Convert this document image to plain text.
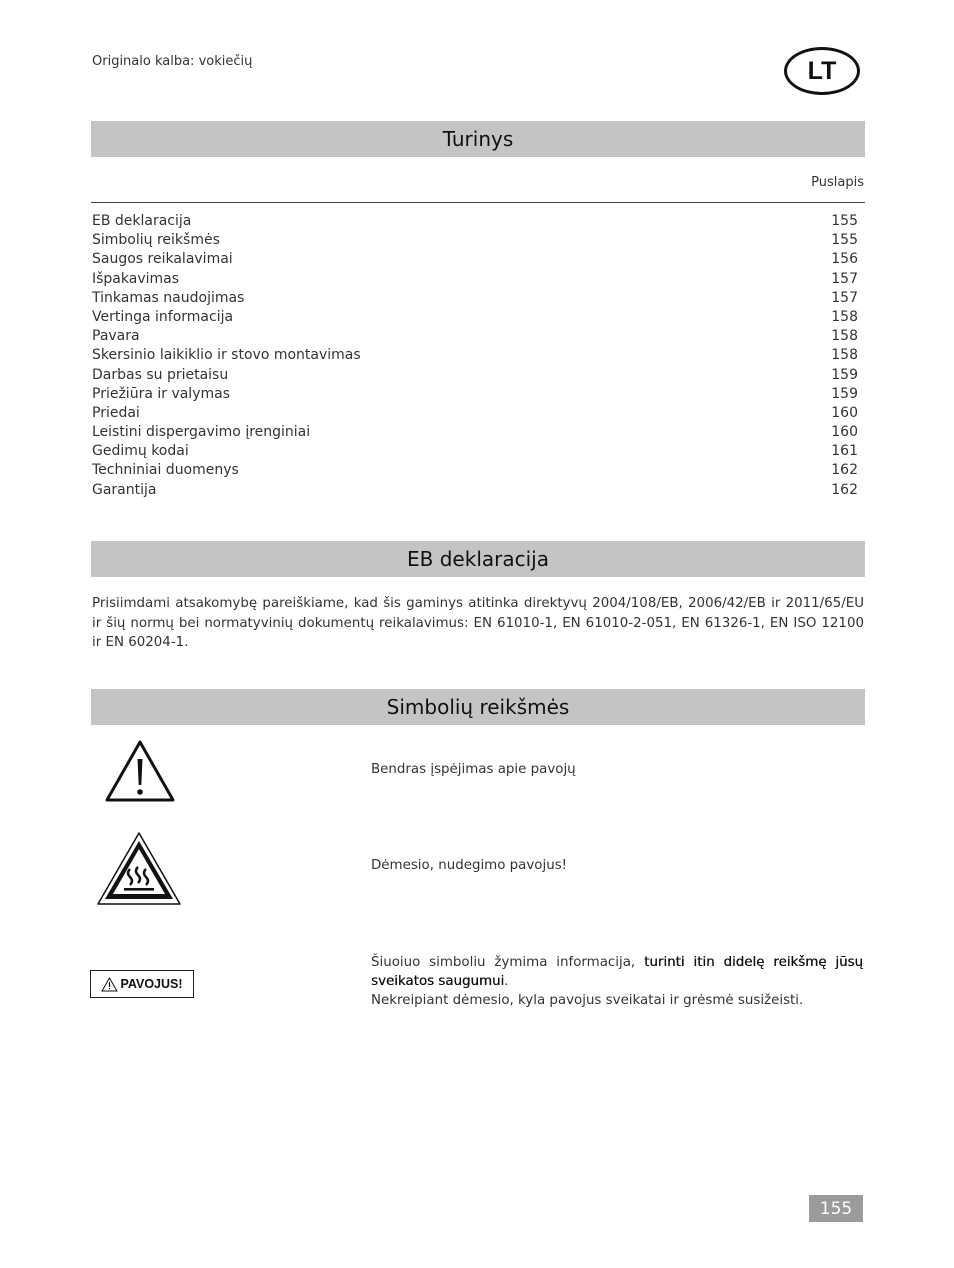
Originalo kalba: vokiečių	LT
Turinys
Puslapis
EB deklaracija	155
Simbolių reikšmės	155
Saugos reikalavimai	156
Išpakavimas	157
Tinkamas naudojimas	157
Vertinga informacija	158
Pavara	158
Skersinio laikiklio ir stovo montavimas	158
Darbas su prietaisu	159
Priežiūra ir valymas	159
Priedai	160
Leistini dispergavimo įrenginiai	160
Gedimų kodai	161
Techniniai duomenys	162
Garantija	162
EB deklaracija
Prisiimdami atsakomybę pareiškiame, kad šis gaminys atitinka direktyvų 2004/108/EB, 2006/42/EB ir 2011/65/EU ir šių normų bei normatyvinių dokumentų reikalavimus: EN 61010-1, EN 61010-2-051, EN 61326-1, EN ISO 12100 ir EN 60204-1.
Simbolių reikšmės
Bendras įspėjimas apie pavojų
Dėmesio, nudegimo pavojus!
PAVOJUS!
Šiuoiuo simboliu žymima informacija, turinti itin didelę reikšmę jūsų sveikatos saugumui.
Nekreipiant dėmesio, kyla pavojus sveikatai ir grėsmė susižeisti.
155
